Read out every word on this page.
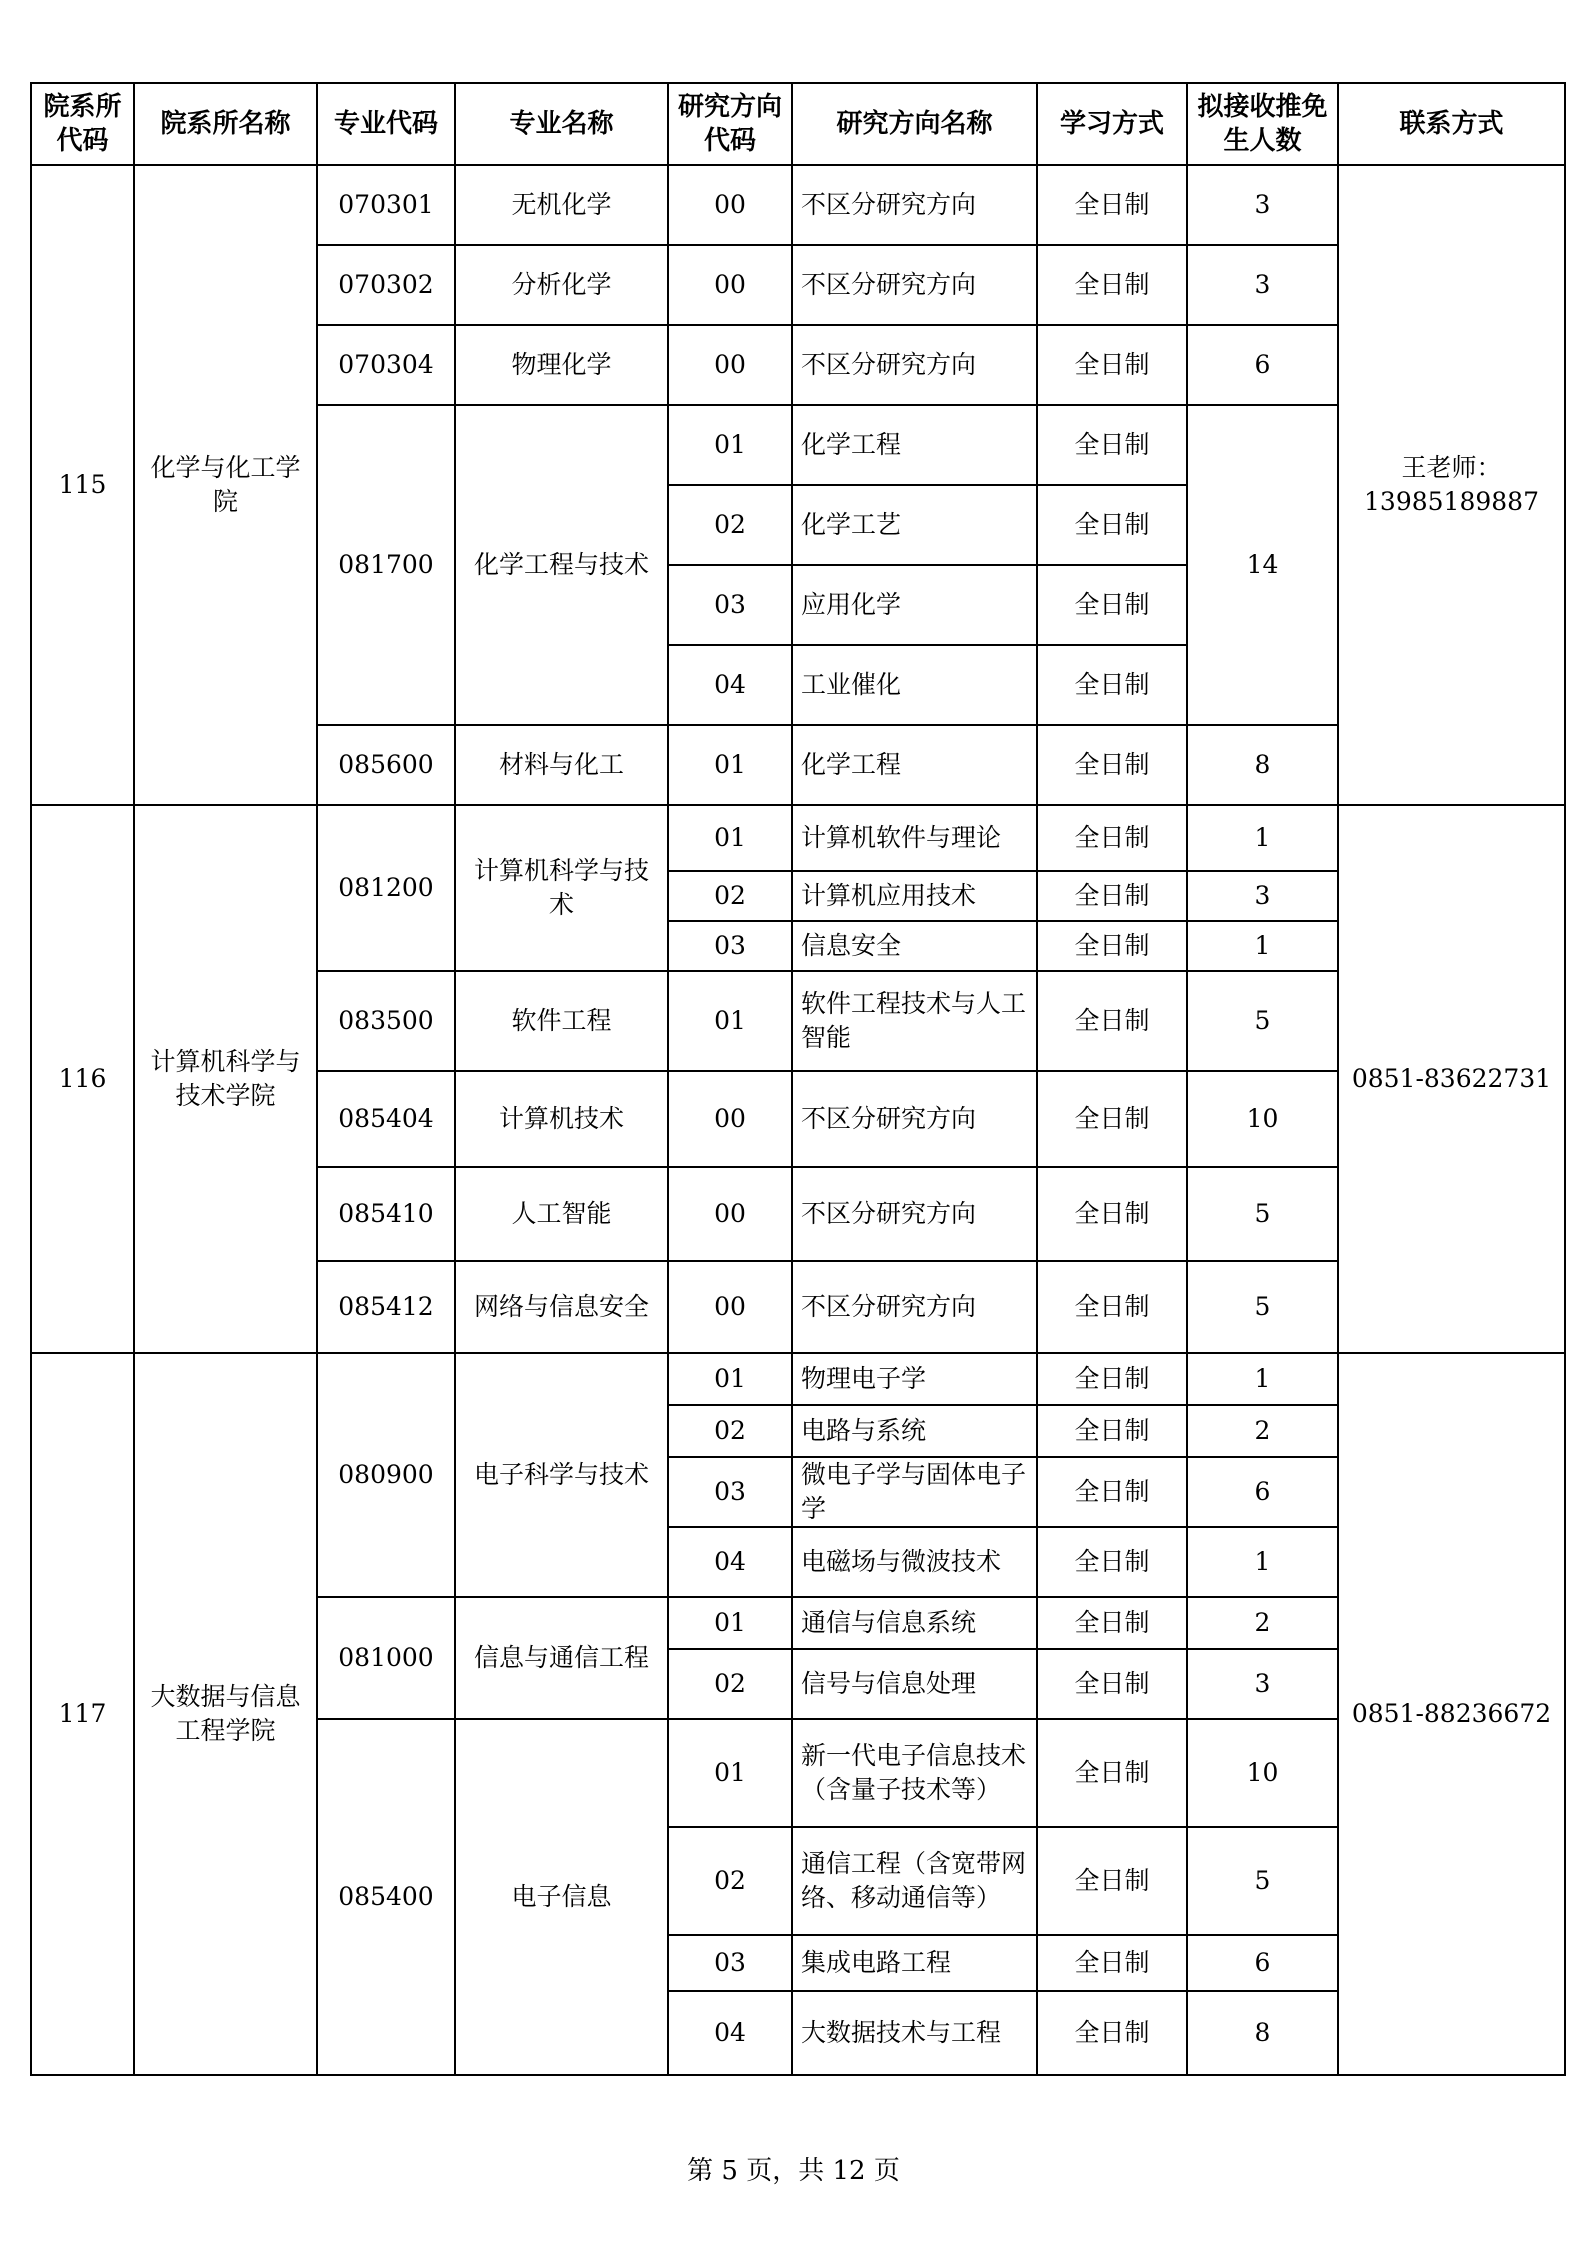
院系所代码	院系所名称	专业代码	专业名称	研究方向代码	研究方向名称	学习方式	拟接收推免生人数	联系方式
115	化学与化工学院	070301	无机化学	00	不区分研究方向	全日制	3	王老师：13985189887
		070302	分析化学	00	不区分研究方向	全日制	3	
		070304	物理化学	00	不区分研究方向	全日制	6	
		081700	化学工程与技术	01	化学工程	全日制	14	
				02	化学工艺	全日制		
				03	应用化学	全日制		
				04	工业催化	全日制		
		085600	材料与化工	01	化学工程	全日制	8	
116	计算机科学与技术学院	081200	计算机科学与技术	01	计算机软件与理论	全日制	1	0851-83622731
				02	计算机应用技术	全日制	3	
				03	信息安全	全日制	1	
		083500	软件工程	01	软件工程技术与人工智能	全日制	5	
		085404	计算机技术	00	不区分研究方向	全日制	10	
		085410	人工智能	00	不区分研究方向	全日制	5	
		085412	网络与信息安全	00	不区分研究方向	全日制	5	
117	大数据与信息工程学院	080900	电子科学与技术	01	物理电子学	全日制	1	0851-88236672
				02	电路与系统	全日制	2	
				03	微电子学与固体电子学	全日制	6	
				04	电磁场与微波技术	全日制	1	
		081000	信息与通信工程	01	通信与信息系统	全日制	2	
				02	信号与信息处理	全日制	3	
		085400	电子信息	01	新一代电子信息技术（含量子技术等）	全日制	10	
				02	通信工程（含宽带网络、移动通信等）	全日制	5	
				03	集成电路工程	全日制	6	
				04	大数据技术与工程	全日制	8	
第 5 页，共 12 页
